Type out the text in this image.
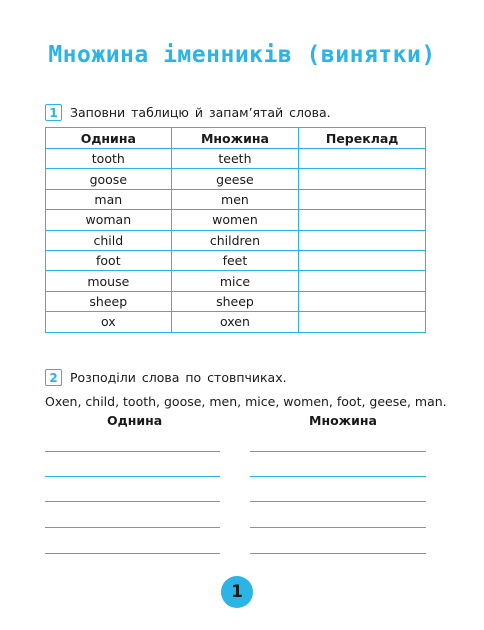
Множина іменників (винятки)
1 Заповни таблицю й запам’ятай слова.
Однина	Множина	Переклад
tooth	teeth	
goose	geese	
man	men	
woman	women	
child	children	
foot	feet	
mouse	mice	
sheep	sheep	
ox	oxen	
2 Розподіли слова по стовпчиках.
Oxen, child, tooth, goose, men, mice, women, foot, geese, man.
Однина	Множина
1
